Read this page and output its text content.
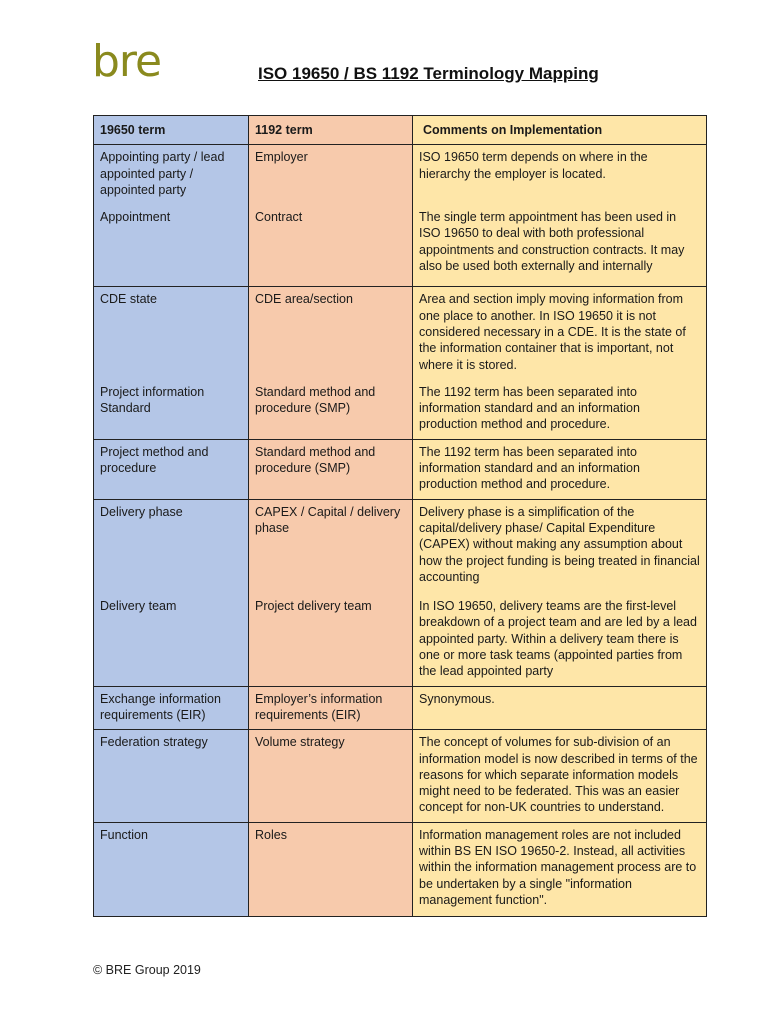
bre	ISO 19650 / BS 1192 Terminology Mapping
19650 term	1192 term	Comments on Implementation
Appointing party / lead appointed party / appointed party	Employer	ISO 19650 term depends on where in the hierarchy the employer is located.
Appointment	Contract	The single term appointment has been used in ISO 19650 to deal with both professional appointments and construction contracts. It may also be used both externally and internally
CDE state	CDE area/section	Area and section imply moving information from one place to another. In ISO 19650 it is not considered necessary in a CDE. It is the state of the information container that is important, not where it is stored.
Project information Standard	Standard method and procedure (SMP)	The 1192 term has been separated into information standard and an information production method and procedure.
Project method and procedure	Standard method and procedure (SMP)	The 1192 term has been separated into information standard and an information production method and procedure.
Delivery phase	CAPEX / Capital / delivery phase	Delivery phase is a simplification of the capital/delivery phase/ Capital Expenditure (CAPEX) without making any assumption about how the project funding is being treated in financial accounting
Delivery team	Project delivery team	In ISO 19650, delivery teams are the first-level breakdown of a project team and are led by a lead appointed party. Within a delivery team there is one or more task teams (appointed parties from the lead appointed party
Exchange information requirements (EIR)	Employer’s information requirements (EIR)	Synonymous.
Federation strategy	Volume strategy	The concept of volumes for sub-division of an information model is now described in terms of the reasons for which separate information models might need to be federated. This was an easier concept for non-UK countries to understand.
Function	Roles	Information management roles are not included within BS EN ISO 19650-2. Instead, all activities within the information management process are to be undertaken by a single "information management function".
© BRE Group 2019
